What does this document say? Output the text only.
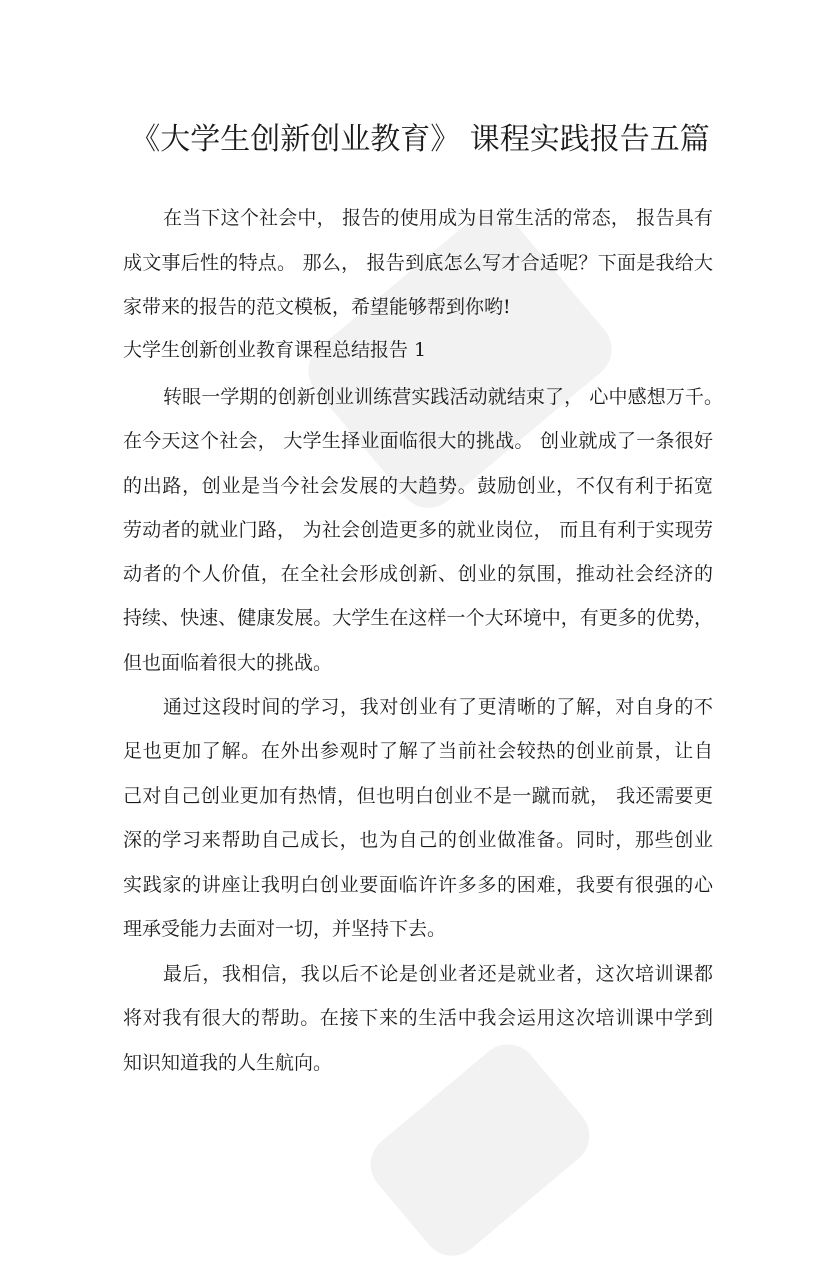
《大学生创新创业教育》 课程实践报告五篇
在当下这个社会中， 报告的使用成为日常生活的常态， 报告具有
成文事后性的特点。 那么， 报告到底怎么写才合适呢？下面是我给大
家带来的报告的范文模板，希望能够帮到你哟!
大学生创新创业教育课程总结报告 1
转眼一学期的创新创业训练营实践活动就结束了， 心中感想万千。
在今天这个社会， 大学生择业面临很大的挑战。 创业就成了一条很好
的出路，创业是当今社会发展的大趋势。鼓励创业，不仅有利于拓宽
劳动者的就业门路， 为社会创造更多的就业岗位， 而且有利于实现劳
动者的个人价值，在全社会形成创新、创业的氛围，推动社会经济的
持续、快速、健康发展。大学生在这样一个大环境中，有更多的优势，
但也面临着很大的挑战。
通过这段时间的学习，我对创业有了更清晰的了解，对自身的不
足也更加了解。在外出参观时了解了当前社会较热的创业前景，让自
己对自己创业更加有热情，但也明白创业不是一蹴而就， 我还需要更
深的学习来帮助自己成长，也为自己的创业做准备。同时，那些创业
实践家的讲座让我明白创业要面临许许多多的困难，我要有很强的心
理承受能力去面对一切，并坚持下去。
最后，我相信，我以后不论是创业者还是就业者，这次培训课都
将对我有很大的帮助。在接下来的生活中我会运用这次培训课中学到
知识知道我的人生航向。
